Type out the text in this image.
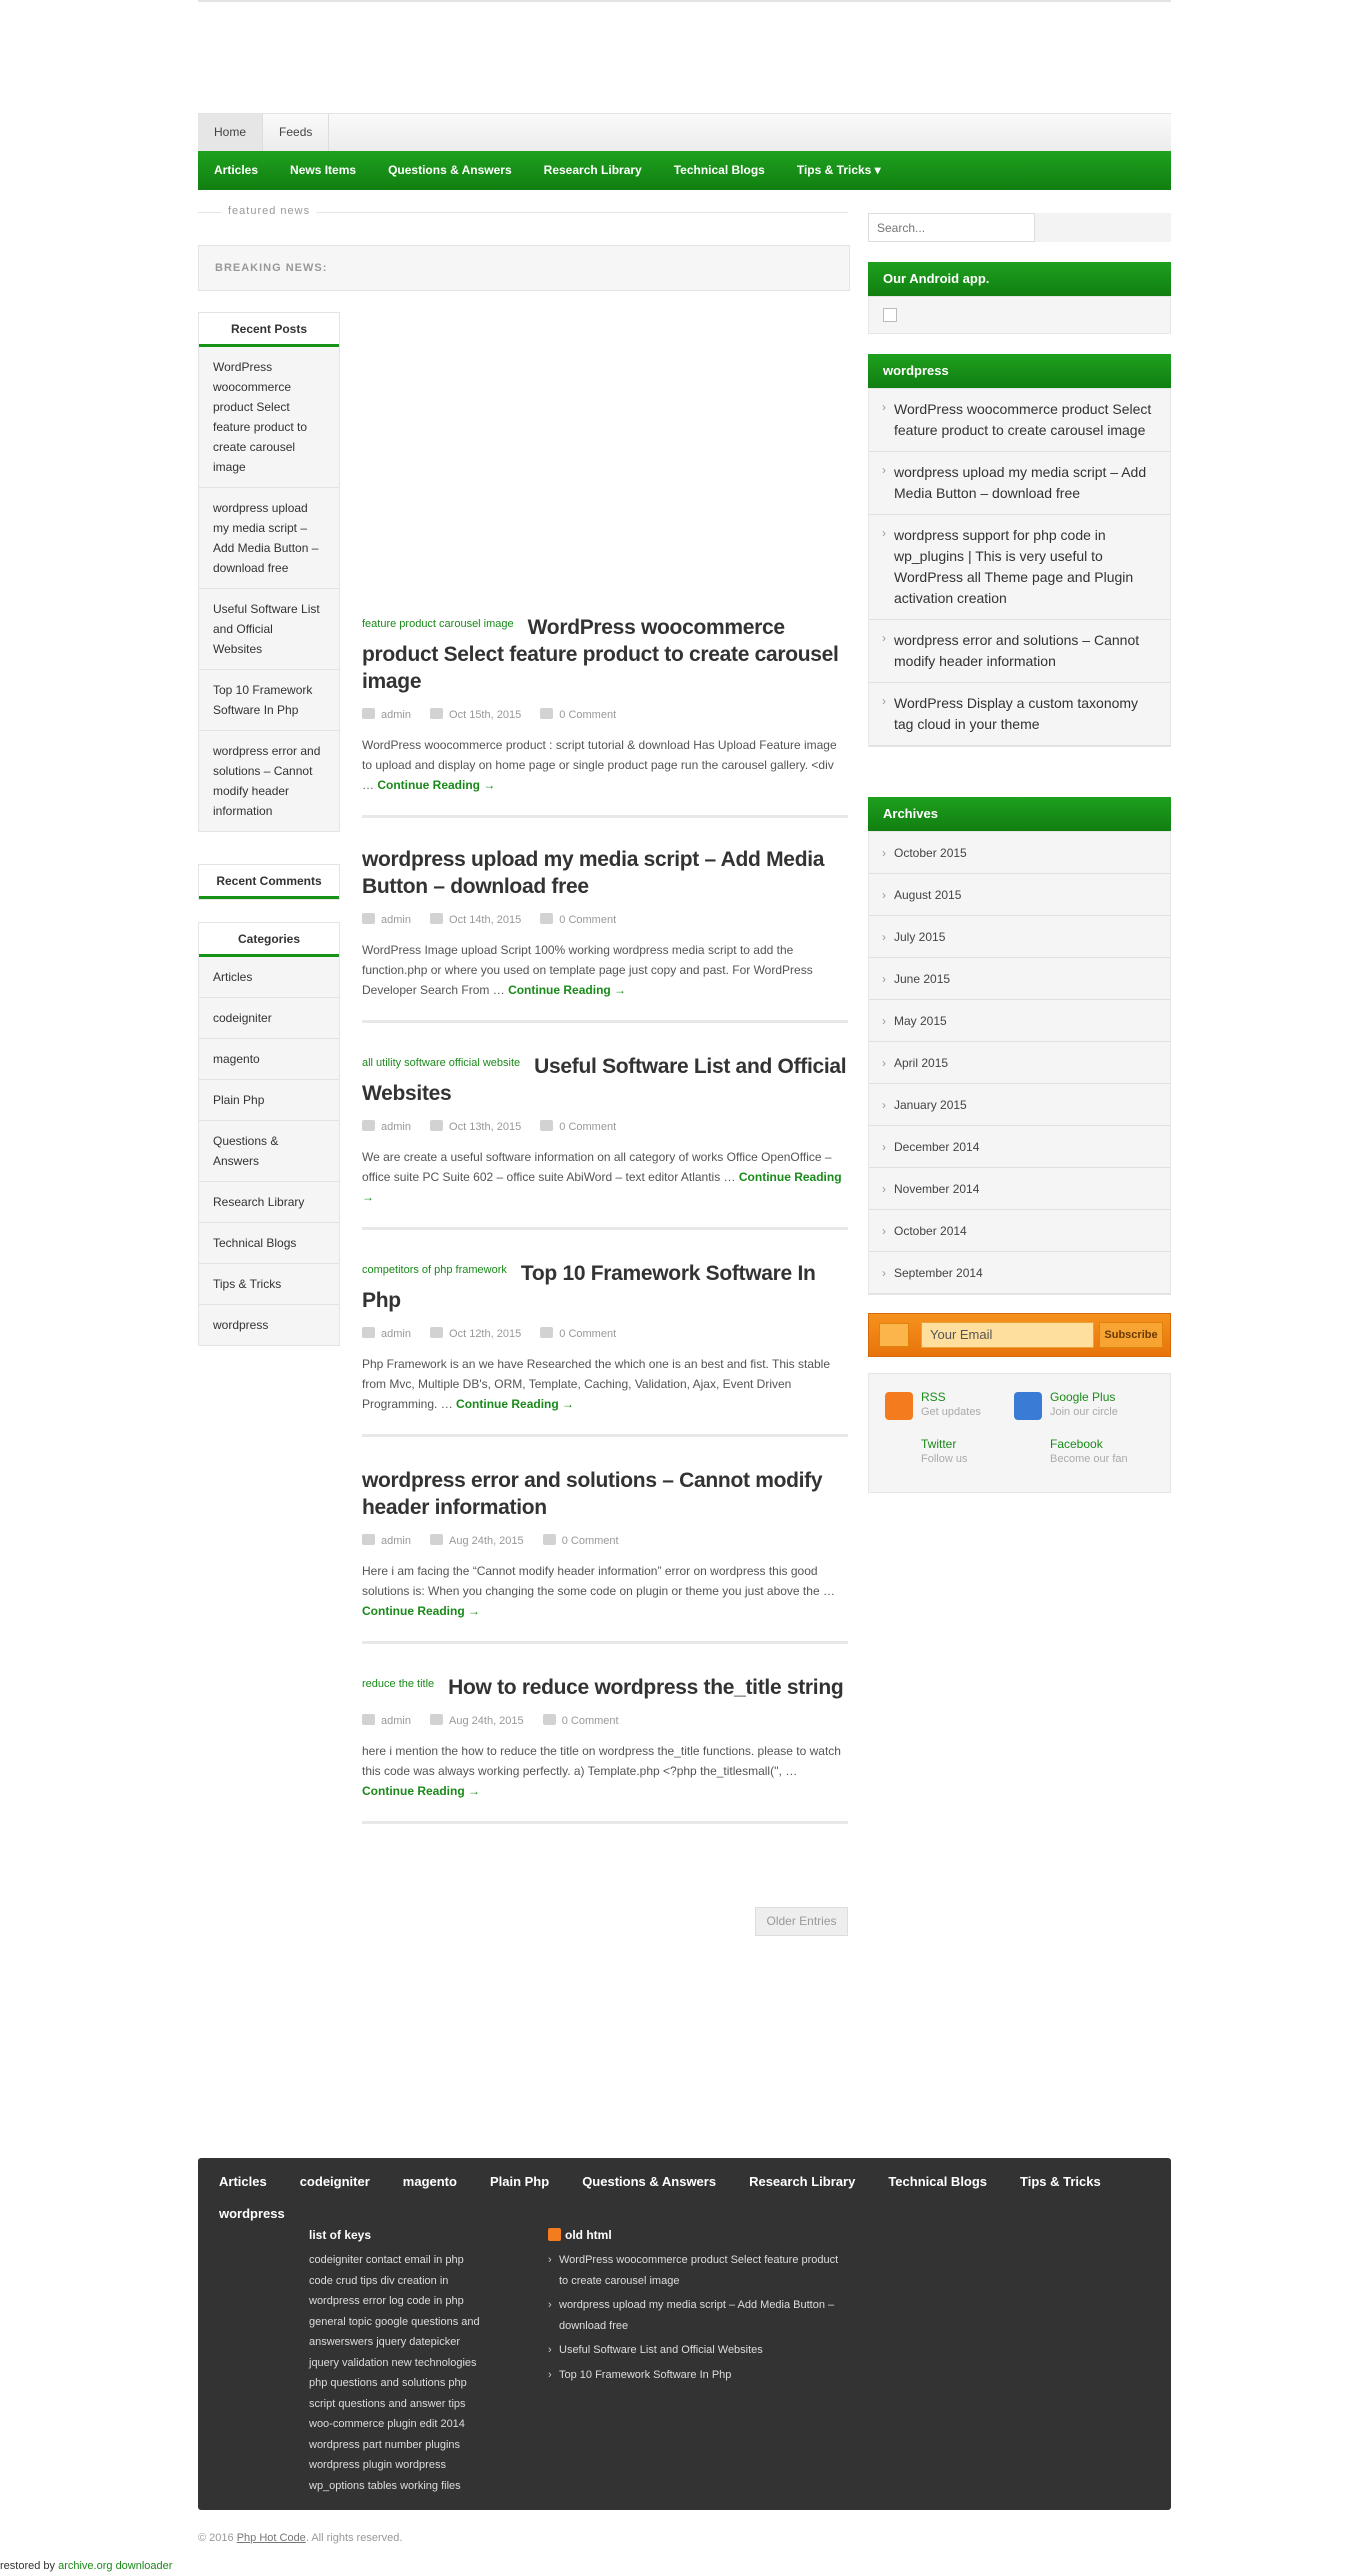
Home	Feeds
Articles	News Items	Questions & Answers	Research Library	Technical Blogs	Tips & Tricks ▾
featured news
BREAKING NEWS:
Recent Posts
WordPress woocommerce product Select feature product to create carousel image
wordpress upload my media script – Add Media Button – download free
Useful Software List and Official Websites
Top 10 Framework Software In Php
wordpress error and solutions – Cannot modify header information
Recent Comments
Categories
Articles
codeigniter
magento
Plain Php
Questions & Answers
Research Library
Technical Blogs
Tips & Tricks
wordpress
feature product carousel image WordPress woocommerce product Select feature product to create carousel image
admin	Oct 15th, 2015	0 Comment
WordPress woocommerce product : script tutorial & download Has Upload Feature image to upload and display on home page or single product page run the carousel gallery. <div … Continue Reading →
wordpress upload my media script – Add Media Button – download free
admin	Oct 14th, 2015	0 Comment
WordPress Image upload Script 100% working wordpress media script to add the function.php or where you used on template page just copy and past. For WordPress Developer Search From … Continue Reading →
all utility software official website Useful Software List and Official Websites
admin	Oct 13th, 2015	0 Comment
We are create a useful software information on all category of works Office OpenOffice – office suite PC Suite 602 – office suite AbiWord – text editor Atlantis … Continue Reading →
competitors of php framework Top 10 Framework Software In Php
admin	Oct 12th, 2015	0 Comment
Php Framework is an we have Researched the which one is an best and fist. This stable from Mvc, Multiple DB's, ORM, Template, Caching, Validation, Ajax, Event Driven Programming. … Continue Reading →
wordpress error and solutions – Cannot modify header information
admin	Aug 24th, 2015	0 Comment
Here i am facing the “Cannot modify header information” error on wordpress this good solutions is: When you changing the some code on plugin or theme you just above the … Continue Reading →
reduce the title How to reduce wordpress the_title string
admin	Aug 24th, 2015	0 Comment
here i mention the how to reduce the title on wordpress the_title functions. please to watch this code was always working perfectly. a) Template.php <?php the_titlesmall('', … Continue Reading →
Older Entries
Search...
Our Android app.
wordpress
› WordPress woocommerce product Select feature product to create carousel image
› wordpress upload my media script – Add Media Button – download free
› wordpress support for php code in wp_plugins | This is very useful to WordPress all Theme page and Plugin activation creation
› wordpress error and solutions – Cannot modify header information
› WordPress Display a custom taxonomy tag cloud in your theme
Archives
› October 2015
› August 2015
› July 2015
› June 2015
› May 2015
› April 2015
› January 2015
› December 2014
› November 2014
› October 2014
› September 2014
Your Email	Subscribe
RSS
Get updates
Google Plus
Join our circle
Twitter
Follow us
Facebook
Become our fan
Articles	codeigniter	magento	Plain Php	Questions & Answers	Research Library	Technical Blogs	Tips & Tricks
wordpress
list of keys
codeigniter contact email in php
code crud tips div creation in
wordpress error log code in php
general topic google questions and
answerswers jquery datepicker
jquery validation new technologies
php questions and solutions php
script questions and answer tips
woo-commerce plugin edit 2014
wordpress part number plugins
wordpress plugin wordpress
wp_options tables working files
old html
› WordPress woocommerce product Select feature product to create carousel image
› wordpress upload my media script – Add Media Button – download free
› Useful Software List and Official Websites
› Top 10 Framework Software In Php
© 2016 Php Hot Code. All rights reserved.
restored by archive.org downloader
